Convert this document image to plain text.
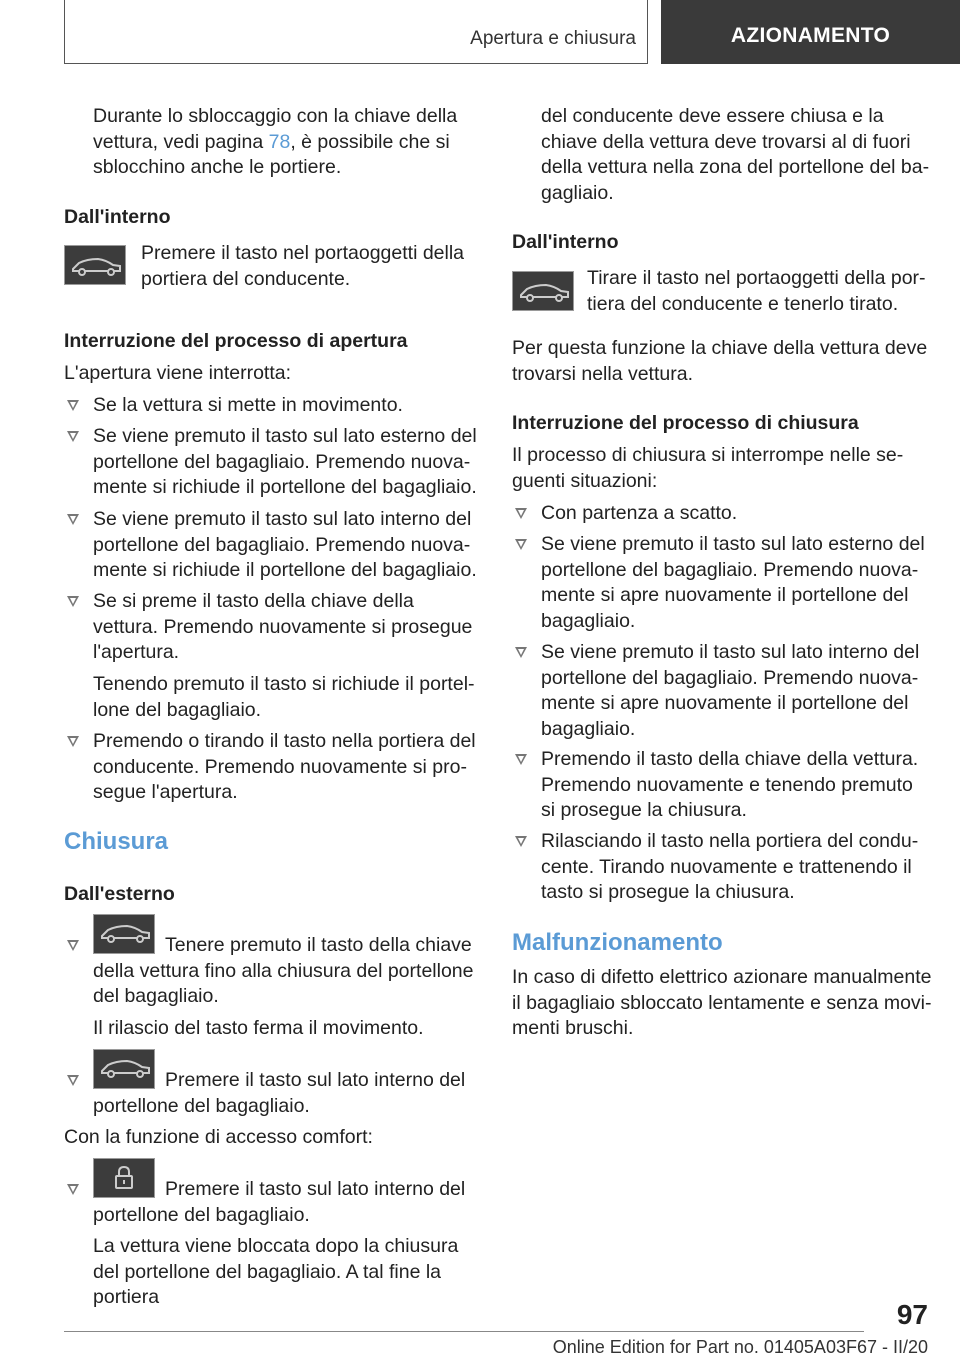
Apertura e chiusura	AZIONAMENTO
Durante lo sbloccaggio con la chiave della vettura, vedi pagina 78, è possibile che si sblocchino anche le portiere.
Dall'interno
Premere il tasto nel portaoggetti della portiera del conducente.
Interruzione del processo di apertura
L'apertura viene interrotta:
Se la vettura si mette in movimento.
Se viene premuto il tasto sul lato esterno del portellone del bagagliaio. Premendo nuovamente si richiude il portellone del bagagliaio.
Se viene premuto il tasto sul lato interno del portellone del bagagliaio. Premendo nuovamente si richiude il portellone del bagagliaio.
Se si preme il tasto della chiave della vettura. Premendo nuovamente si prosegue l'apertura.
Tenendo premuto il tasto si richiude il portellone del bagagliaio.
Premendo o tirando il tasto nella portiera del conducente. Premendo nuovamente si prosegue l'apertura.
Chiusura
Dall'esterno
Tenere premuto il tasto della chiave della vettura fino alla chiusura del portellone del bagagliaio.
Il rilascio del tasto ferma il movimento.
Premere il tasto sul lato interno del portellone del bagagliaio.
Con la funzione di accesso comfort:
Premere il tasto sul lato interno del portellone del bagagliaio.
La vettura viene bloccata dopo la chiusura del portellone del bagagliaio. A tal fine la portiera
del conducente deve essere chiusa e la chiave della vettura deve trovarsi al di fuori della vettura nella zona del portellone del bagagliaio.
Dall'interno
Tirare il tasto nel portaoggetti della portiera del conducente e tenerlo tirato.
Per questa funzione la chiave della vettura deve trovarsi nella vettura.
Interruzione del processo di chiusura
Il processo di chiusura si interrompe nelle seguenti situazioni:
Con partenza a scatto.
Se viene premuto il tasto sul lato esterno del portellone del bagagliaio. Premendo nuovamente si apre nuovamente il portellone del bagagliaio.
Se viene premuto il tasto sul lato interno del portellone del bagagliaio. Premendo nuovamente si apre nuovamente il portellone del bagagliaio.
Premendo il tasto della chiave della vettura. Premendo nuovamente e tenendo premuto si prosegue la chiusura.
Rilasciando il tasto nella portiera del conducente. Tirando nuovamente e trattenendo il tasto si prosegue la chiusura.
Malfunzionamento
In caso di difetto elettrico azionare manualmente il bagagliaio sbloccato lentamente e senza movimenti bruschi.
97
Online Edition for Part no. 01405A03F67 - II/20
